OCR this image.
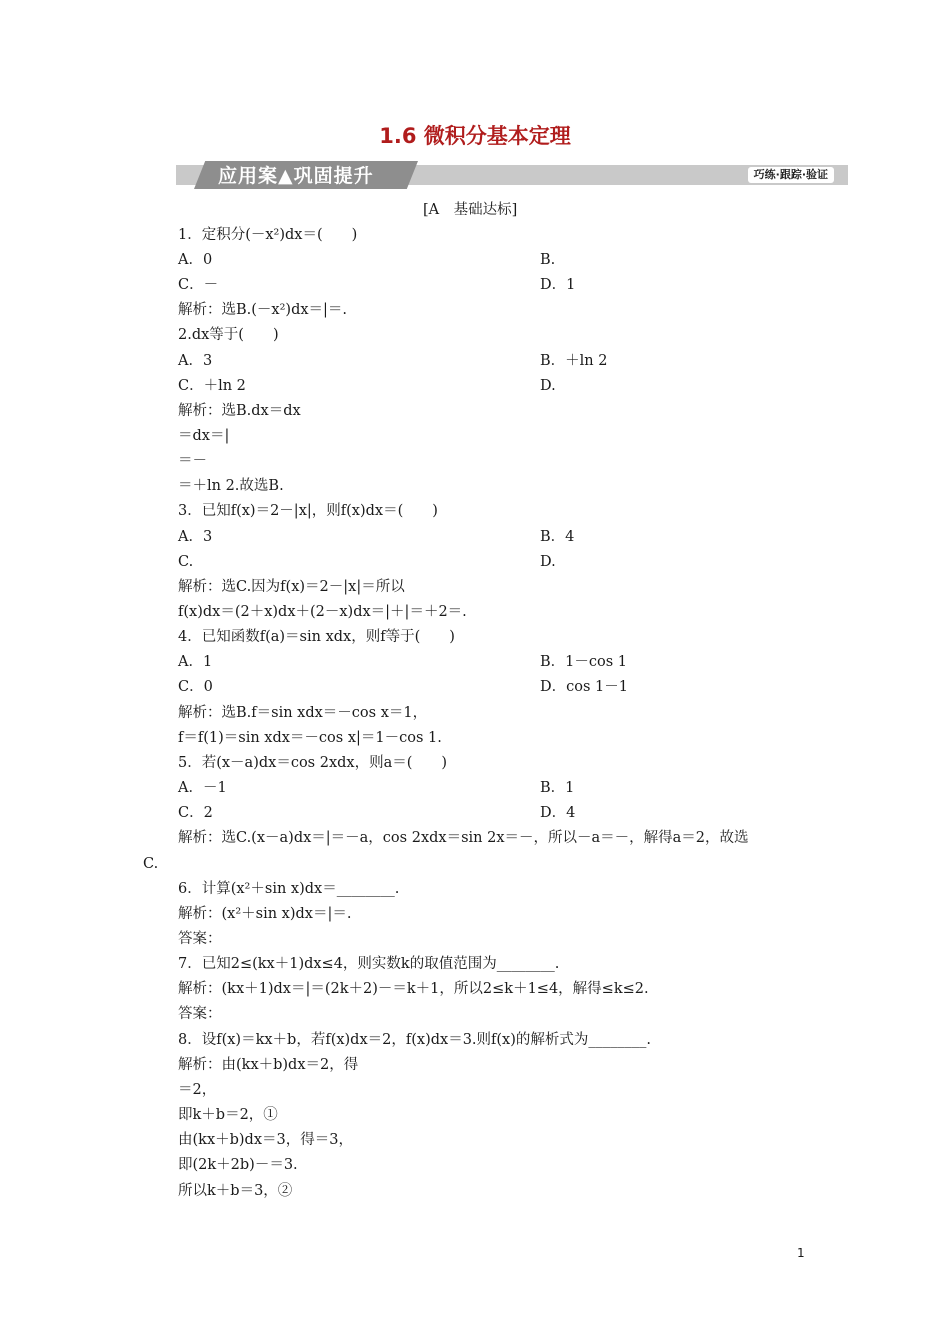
1.6 微积分基本定理
应用案▲巩固提升	巧练·跟踪·验证
[A　基础达标]
1．定积分(－x²)dx＝(　　)
A．0	B.
C．－	D．1
解析：选B.(－x²)dx＝|＝.
2.dx等于(　　)
A．3	B．＋ln 2
C．＋ln 2	D.
解析：选B.dx＝dx
＝dx＝|
＝－
＝＋ln 2.故选B.
3．已知f(x)＝2－|x|，则f(x)dx＝(　　)
A．3	B．4
C.	D.
解析：选C.因为f(x)＝2－|x|＝所以
f(x)dx＝(2＋x)dx＋(2－x)dx＝|＋|＝＋2＝.
4．已知函数f(a)＝sin xdx，则f等于(　　)
A．1	B．1－cos 1
C．0	D．cos 1－1
解析：选B.f＝sin xdx＝－cos x＝1，
f＝f(1)＝sin xdx＝－cos x|＝1－cos 1.
5．若(x－a)dx＝cos 2xdx，则a＝(　　)
A．－1	B．1
C．2	D．4
解析：选C.(x－a)dx＝|＝－a，cos 2xdx＝sin 2x＝－，所以－a＝－，解得a＝2，故选
C.
6．计算(x²＋sin x)dx＝________.
解析：(x²＋sin x)dx＝|＝.
答案：
7．已知2≤(kx＋1)dx≤4，则实数k的取值范围为________.
解析：(kx＋1)dx＝|＝(2k＋2)－＝k＋1，所以2≤k＋1≤4，解得≤k≤2.
答案：
8．设f(x)＝kx＋b，若f(x)dx＝2，f(x)dx＝3.则f(x)的解析式为________.
解析：由(kx＋b)dx＝2，得
＝2，
即k＋b＝2，①
由(kx＋b)dx＝3，得＝3，
即(2k＋2b)－＝3.
所以k＋b＝3，②
1
